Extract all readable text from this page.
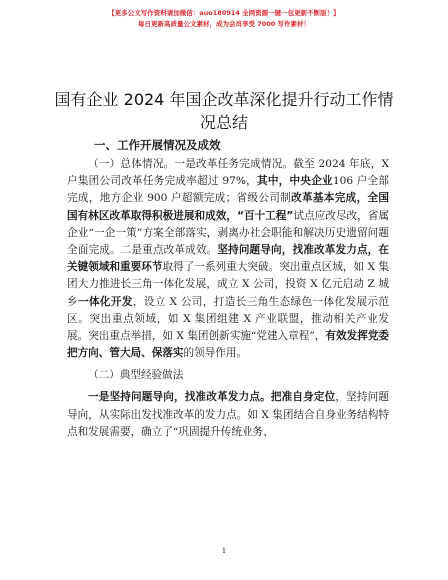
【更多公文写作资料请加微信：auo180914 全网资源一键一包更新不断版！】
每日更新高质量公文素材，成为会员享受 7000 写作素材！
国有企业 2024 年国企改革深化提升行动工作情况总结
一、工作开展情况及成效

（一）总体情况。一是改革任务完成情况。截至 2024 年底，X 户集团公司改革任务完成率超过 97%，其中，中央企业106 户全部完成，地方企业 900 户超额完成；省级公司制改革基本完成，全国国有林区改革取得积极进展和成效，“百十工程”试点应改尽改，省属企业“一企一策”方案全部落实，剥离办社会职能和解决历史遗留问题全面完成。二是重点改革成效。坚持问题导向，找准改革发力点，在关键领域和重要环节取得了一系列重大突破。突出重点区域，如 X 集团大力推进长三角一体化发展，成立 X 公司，投资 X 亿元启动 Z 城乡一体化开发，设立 X 公司，打造长三角生态绿色一体化发展示范区。突出重点领域，如 X 集团组建 X 产业联盟，推动相关产业发展。突出重点举措，如 X 集团创新实施“党建入章程”，有效发挥党委把方向、管大局、保落实的领导作用。

（二）典型经验做法

一是坚持问题导向，找准改革发力点。把准自身定位，坚持问题导向，从实际出发找准改革的发力点。如 X 集团结合自身业务结构特点和发展需要，确立了“巩固提升传统业务、

1
